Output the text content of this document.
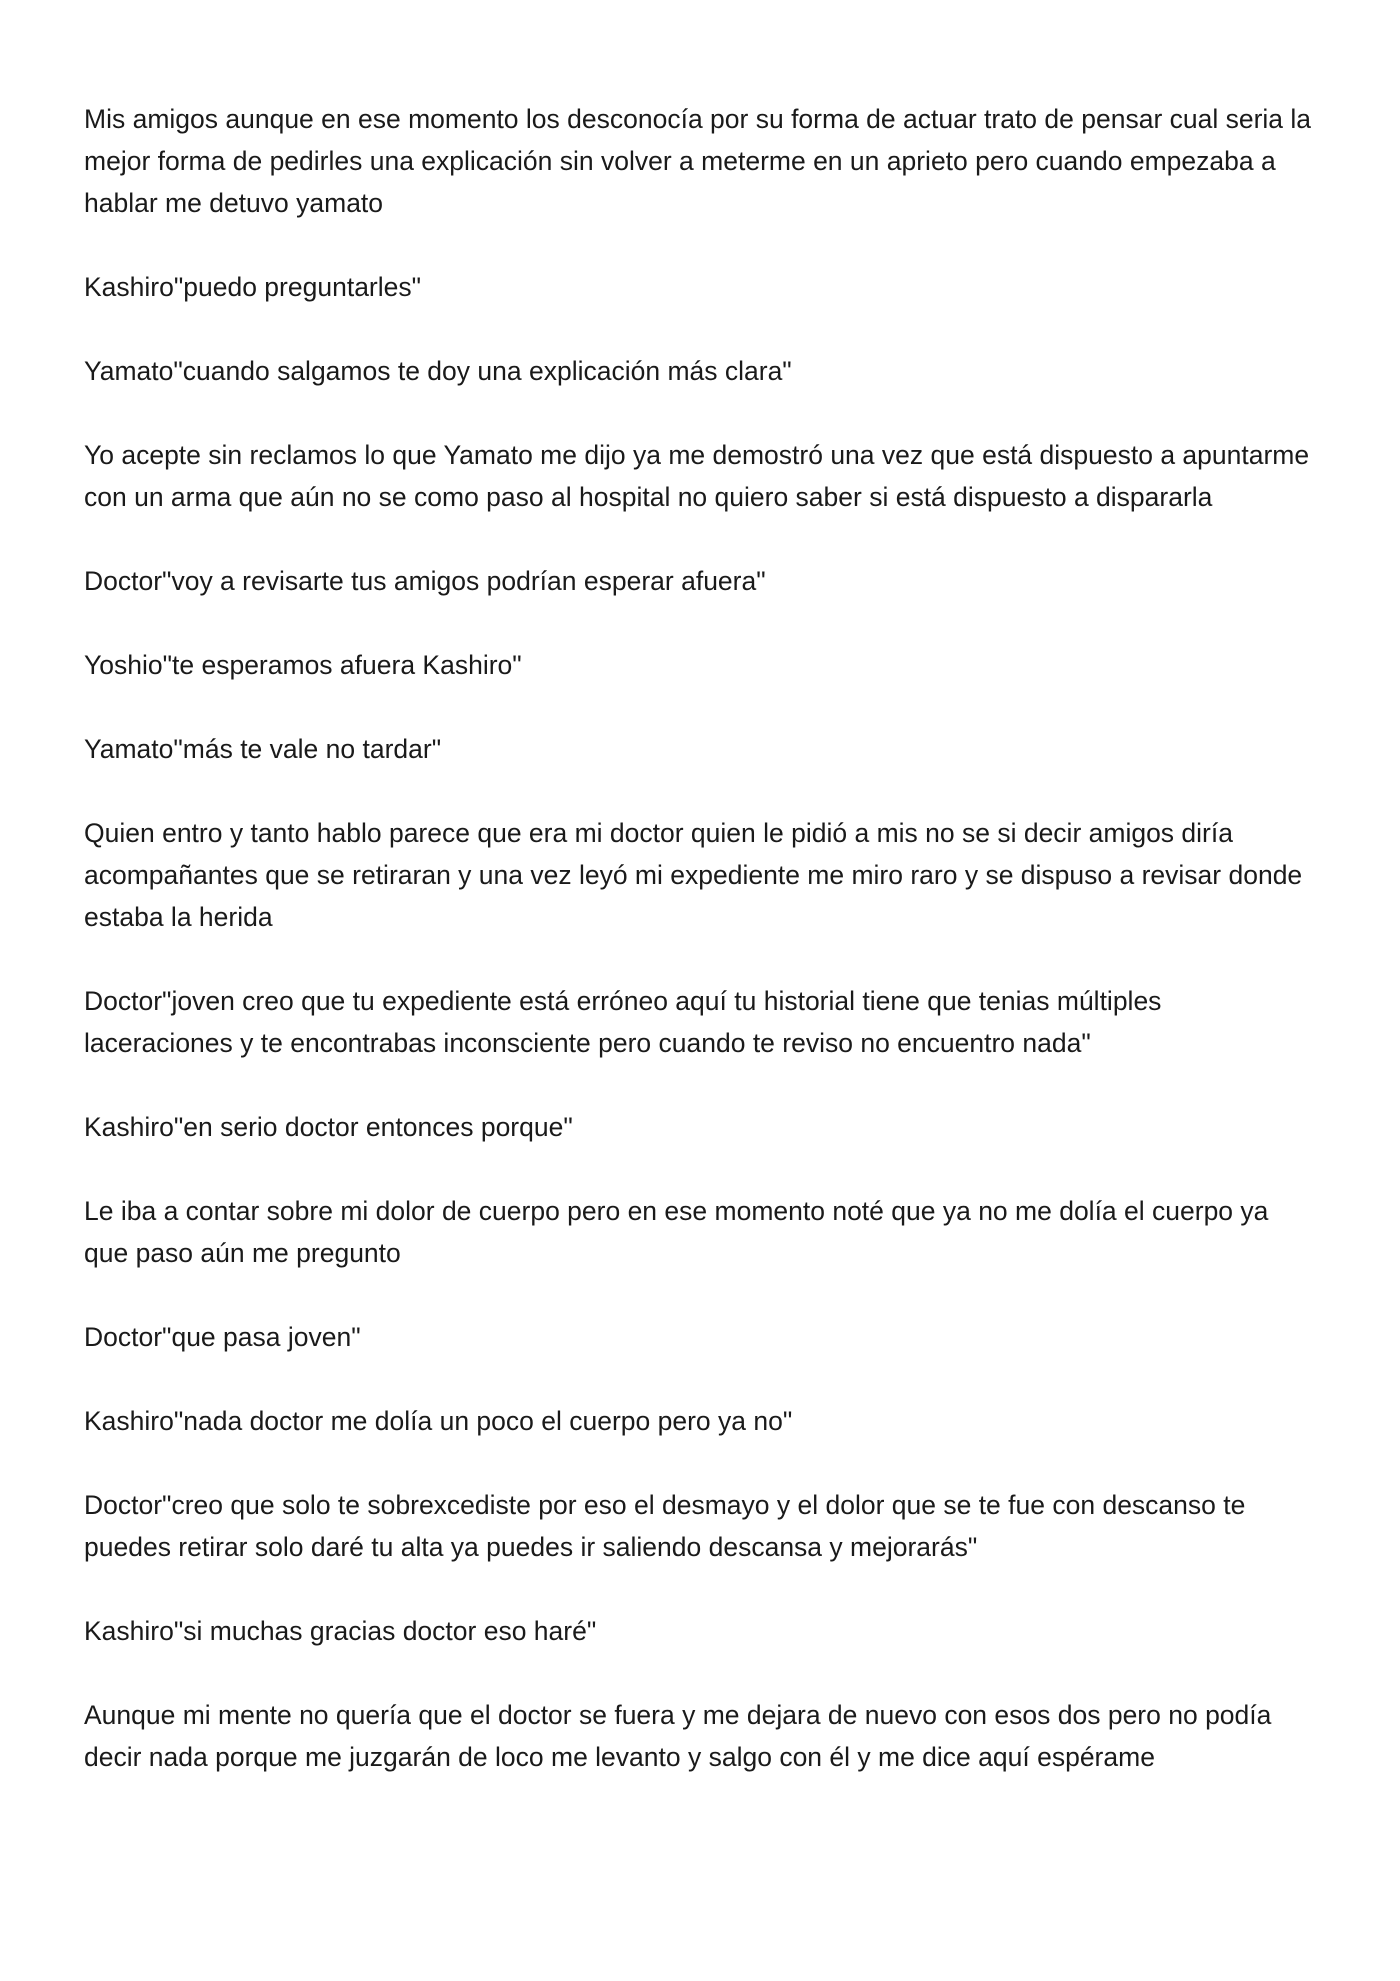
Mis amigos aunque en ese momento los desconocía por su forma de actuar trato de pensar cual seria la mejor forma de pedirles una explicación sin volver a meterme en un aprieto pero cuando empezaba a hablar me detuvo yamato

Kashiro"puedo preguntarles"

Yamato"cuando salgamos te doy una explicación más clara"

Yo acepte sin reclamos lo que Yamato me dijo ya me demostró una vez que está dispuesto a apuntarme con un arma que aún no se como paso al hospital no quiero saber si está dispuesto a dispararla

Doctor"voy a revisarte tus amigos podrían esperar afuera"

Yoshio"te esperamos afuera Kashiro"

Yamato"más te vale no tardar"

Quien entro y tanto hablo parece que era mi doctor quien le pidió a mis no se si decir amigos diría acompañantes que se retiraran y una vez leyó mi expediente me miro raro y se dispuso a revisar donde estaba la herida

Doctor"joven creo que tu expediente está erróneo aquí tu historial tiene que tenias múltiples laceraciones y te encontrabas inconsciente pero cuando te reviso no encuentro nada"

Kashiro"en serio doctor entonces porque"

Le iba a contar sobre mi dolor de cuerpo pero en ese momento noté que ya no me dolía el cuerpo ya que paso aún me pregunto

Doctor"que pasa joven"

Kashiro"nada doctor me dolía un poco el cuerpo pero ya no"

Doctor"creo que solo te sobrexcediste por eso el desmayo y el dolor que se te fue con descanso te puedes retirar solo daré tu alta ya puedes ir saliendo descansa y mejorarás"

Kashiro"si muchas gracias doctor eso haré"

Aunque mi mente no quería que el doctor se fuera y me dejara de nuevo con esos dos pero no podía decir nada porque me juzgarán de loco me levanto y salgo con él y me dice aquí espérame
